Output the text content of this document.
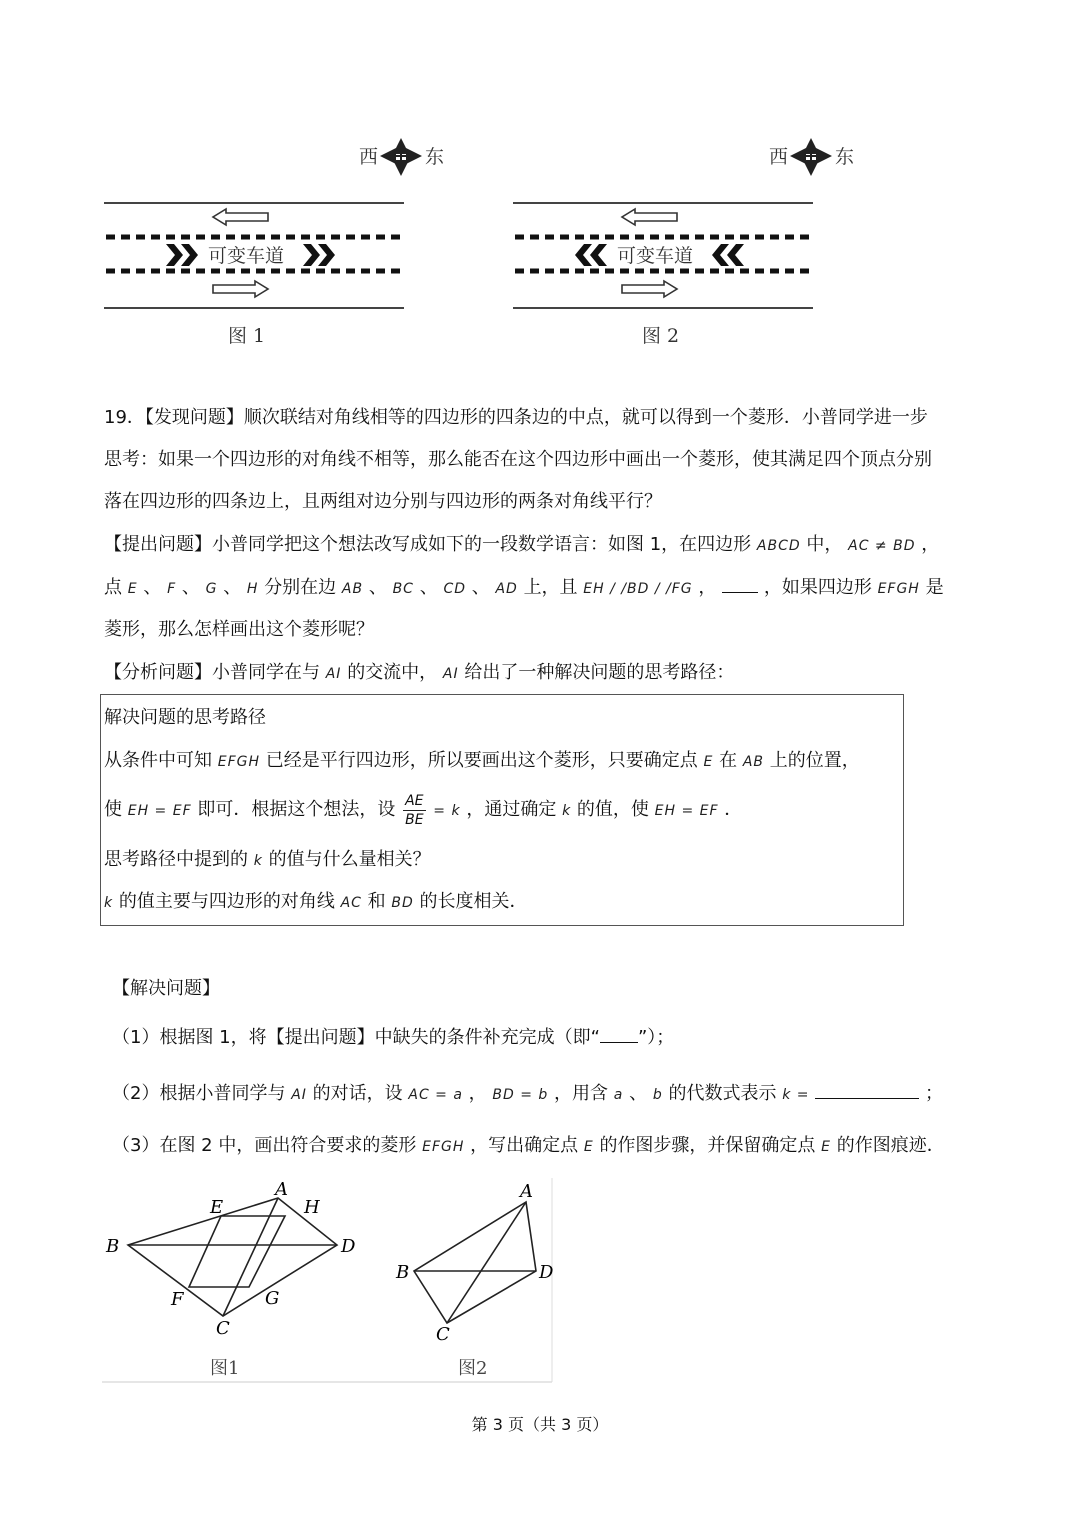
西 东	西 东
可变车道
图 1
可变车道
图 2
19．【发现问题】顺次联结对角线相等的四边形的四条边的中点，就可以得到一个菱形．小普同学进一步
思考：如果一个四边形的对角线不相等，那么能否在这个四边形中画出一个菱形，使其满足四个顶点分别
落在四边形的四条边上，且两组对边分别与四边形的两条对角线平行？
【提出问题】小普同学把这个想法改写成如下的一段数学语言：如图 1，在四边形 ABCD 中， AC ≠ BD ，
点 E 、 F 、 G 、 H 分别在边 AB 、 BC 、 CD 、 AD 上，且 EH / /BD / /FG ，	，如果四边形 EFGH 是
菱形，那么怎样画出这个菱形呢？
【分析问题】小普同学在与 AI 的交流中， AI 给出了一种解决问题的思考路径：
解决问题的思考路径
从条件中可知 EFGH 已经是平行四边形，所以要画出这个菱形，只要确定点 E 在 AB 上的位置，
使 EH = EF 即可．根据这个想法，设 $\frac{AE}{BE} = k$ ，通过确定 k 的值，使 EH = EF ．
思考路径中提到的 k 的值与什么量相关？
k 的值主要与四边形的对角线 AC 和 BD 的长度相关．
【解决问题】
（1）根据图 1，将【提出问题】中缺失的条件补充完成（即“ ”）；
（2）根据小普同学与 AI 的对话，设 AC = a ， BD = b ，用含 a 、 b 的代数式表示 k =	；
（3）在图 2 中，画出符合要求的菱形 EFGH ，写出确定点 E 的作图步骤，并保留确定点 E 的作图痕迹．
A
B
C
D
E
F	G
H
图1
A
B
C
D
图2
第 3 页（共 3 页）
